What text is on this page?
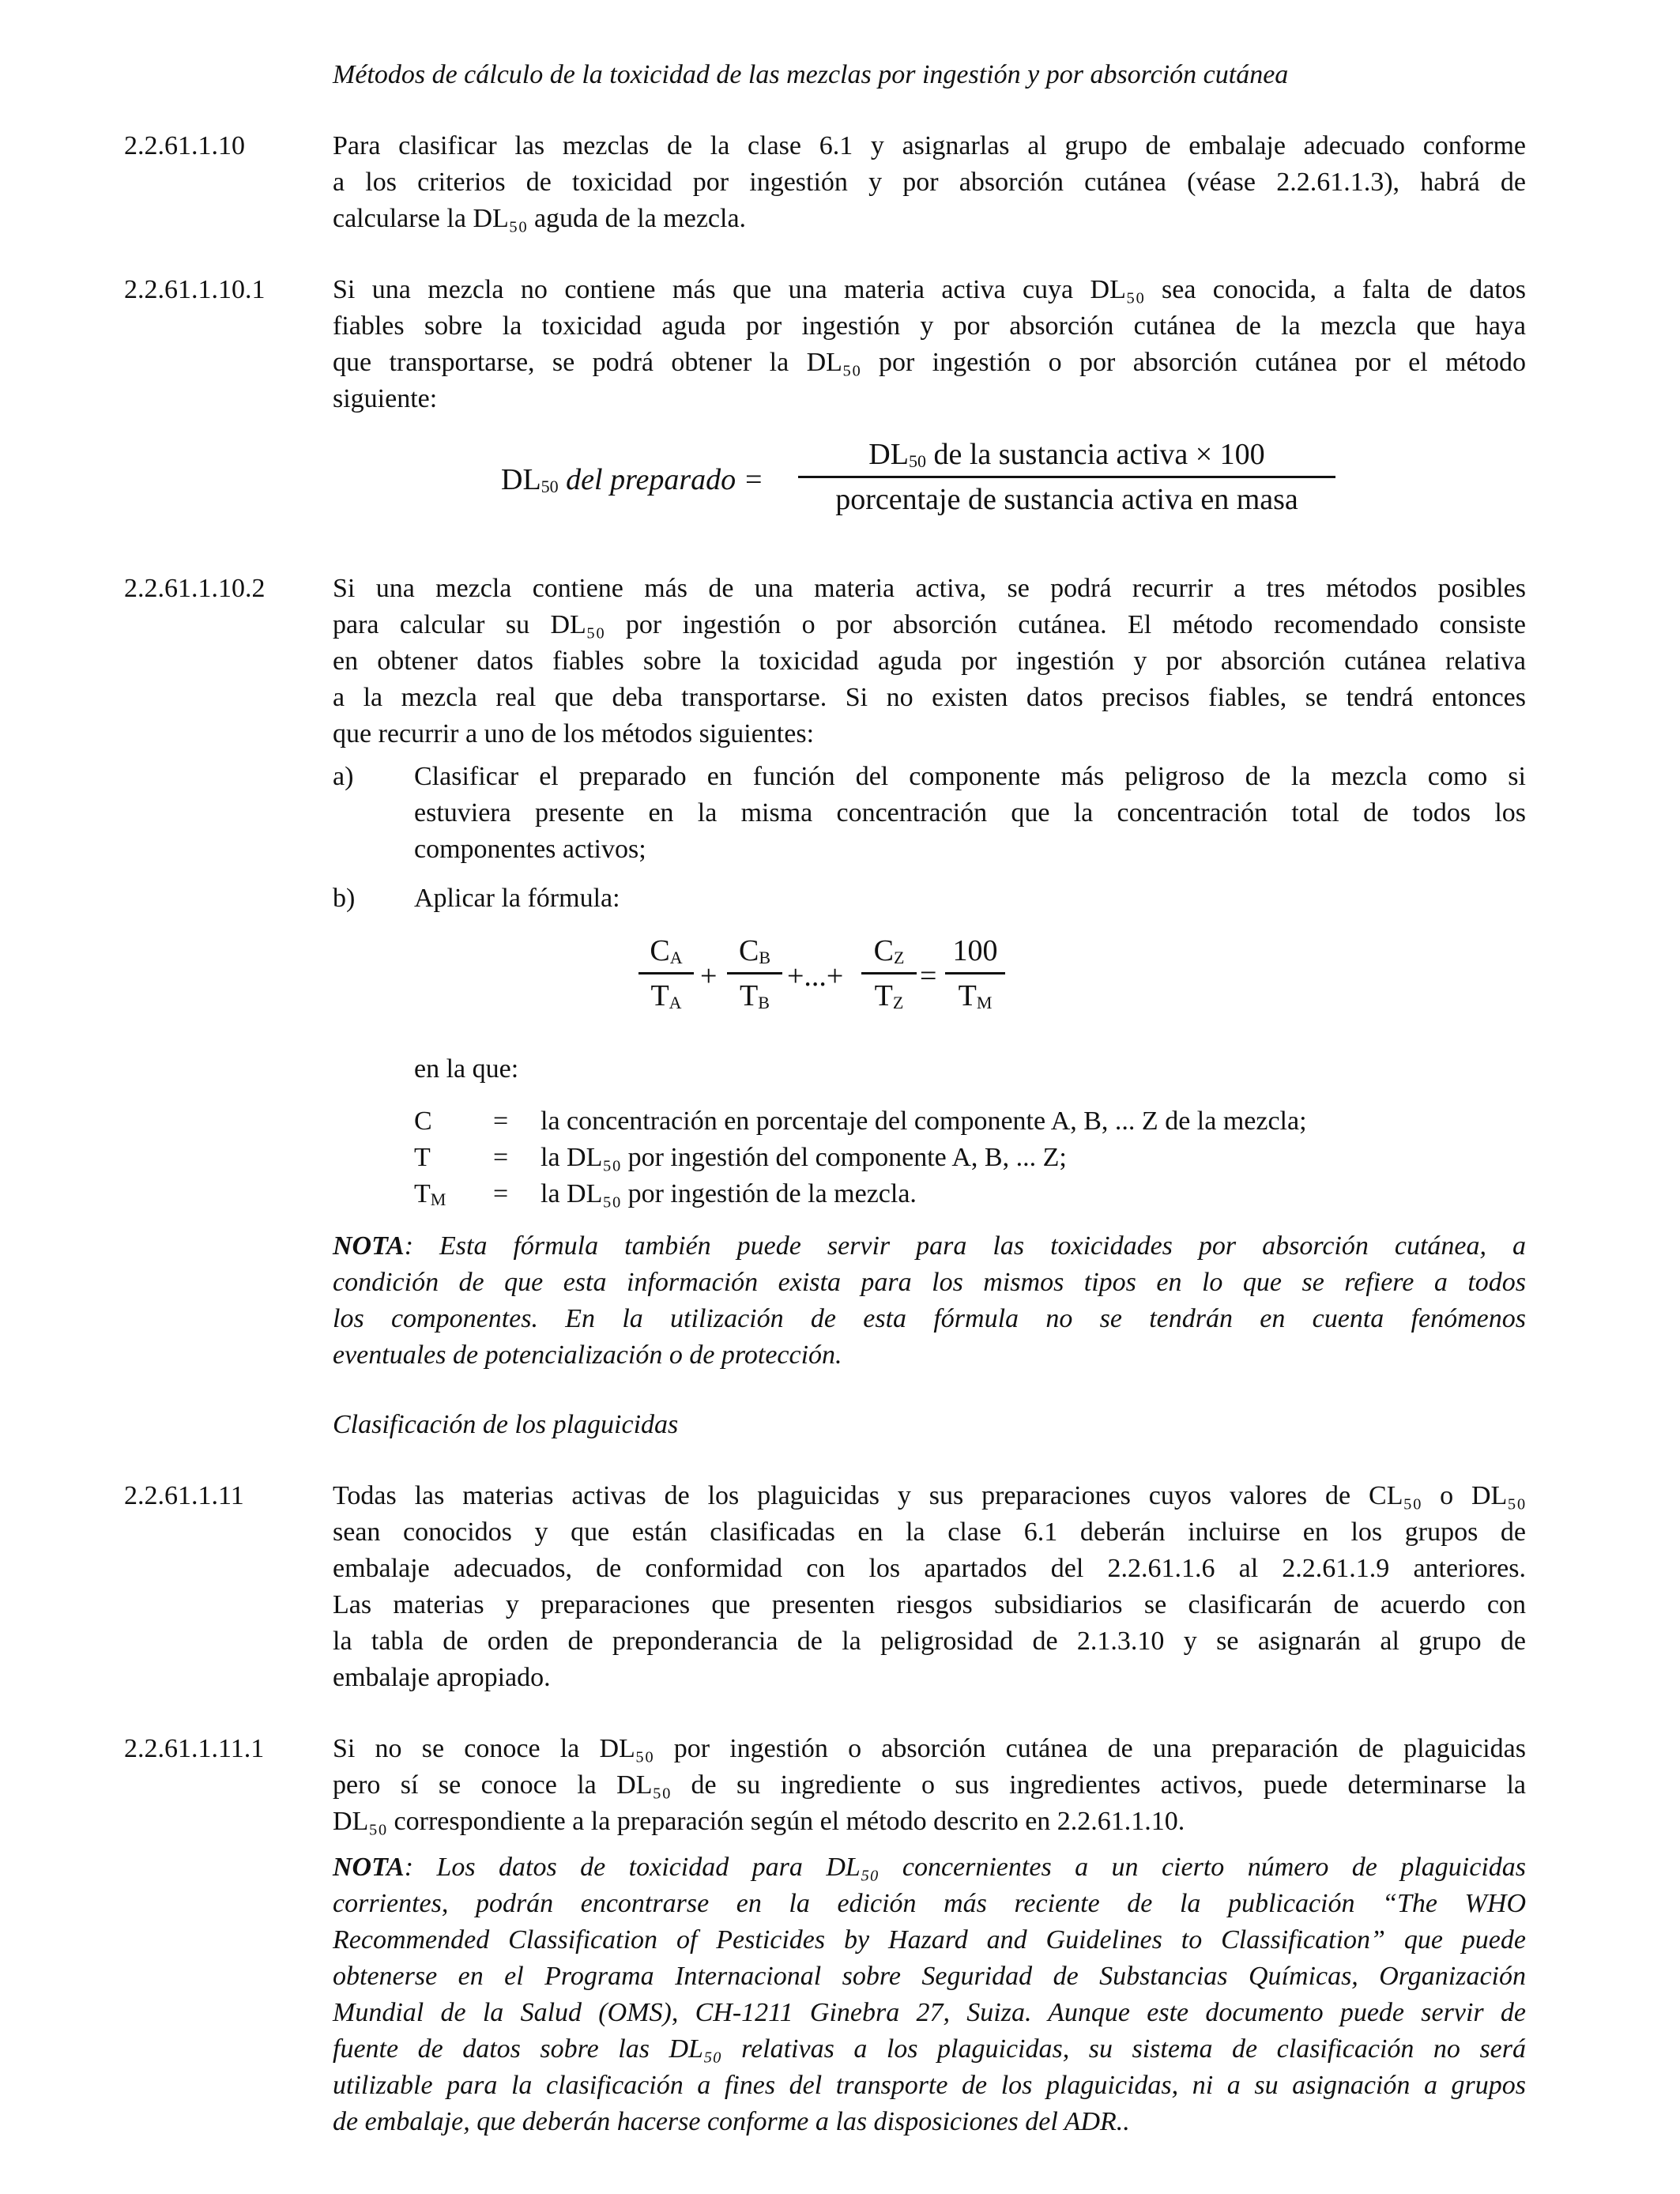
Métodos de cálculo de la toxicidad de las mezclas por ingestión y por absorción cutánea
2.2.61.1.10	Para clasificar las mezclas de la clase 6.1 y asignarlas al grupo de embalaje adecuado conforme
a los criterios de toxicidad por ingestión y por absorción cutánea (véase 2.2.61.1.3), habrá de
calcularse la DL₅₀ aguda de la mezcla.
2.2.61.1.10.1	Si una mezcla no contiene más que una materia activa cuya DL₅₀ sea conocida, a falta de datos
fiables sobre la toxicidad aguda por ingestión y por absorción cutánea de la mezcla que haya
que transportarse, se podrá obtener la DL₅₀ por ingestión o por absorción cutánea por el método
siguiente:
$DL_{50}$ del preparado =
$DL_{50}$ de la sustancia activa × 100
porcentaje de sustancia activa en masa
2.2.61.1.10.2	Si una mezcla contiene más de una materia activa, se podrá recurrir a tres métodos posibles
para calcular su DL₅₀ por ingestión o por absorción cutánea. El método recomendado consiste
en obtener datos fiables sobre la toxicidad aguda por ingestión y por absorción cutánea relativa
a la mezcla real que deba transportarse. Si no existen datos precisos fiables, se tendrá entonces
que recurrir a uno de los métodos siguientes:
a) Clasificar el preparado en función del componente más peligroso de la mezcla como si
estuviera presente en la misma concentración que la concentración total de todos los
componentes activos;
b) Aplicar la fórmula:
$C_A$
$T_A$
+
$C_B$
$T_B$
+...+
$C_Z$
$T_Z$
=
100
$T_M$
en la que:
C = la concentración en porcentaje del componente A, B, ... Z de la mezcla;
T = la DL₅₀ por ingestión del componente A, B, ... Z;
$T_M$ = la DL₅₀ por ingestión de la mezcla.
NOTA: Esta fórmula también puede servir para las toxicidades por absorción cutánea, a
condición de que esta información exista para los mismos tipos en lo que se refiere a todos
los componentes. En la utilización de esta fórmula no se tendrán en cuenta fenómenos
eventuales de potencialización o de protección.
Clasificación de los plaguicidas
2.2.61.1.11	Todas las materias activas de los plaguicidas y sus preparaciones cuyos valores de CL₅₀ o DL₅₀
sean conocidos y que están clasificadas en la clase 6.1 deberán incluirse en los grupos de
embalaje adecuados, de conformidad con los apartados del 2.2.61.1.6 al 2.2.61.1.9 anteriores.
Las materias y preparaciones que presenten riesgos subsidiarios se clasificarán de acuerdo con
la tabla de orden de preponderancia de la peligrosidad de 2.1.3.10 y se asignarán al grupo de
embalaje apropiado.
2.2.61.1.11.1	Si no se conoce la DL₅₀ por ingestión o absorción cutánea de una preparación de plaguicidas
pero sí se conoce la DL₅₀ de su ingrediente o sus ingredientes activos, puede determinarse la
DL₅₀ correspondiente a la preparación según el método descrito en 2.2.61.1.10.
NOTA: Los datos de toxicidad para DL₅₀ concernientes a un cierto número de plaguicidas
corrientes, podrán encontrarse en la edición más reciente de la publicación “The WHO
Recommended Classification of Pesticides by Hazard and Guidelines to Classification” que puede
obtenerse en el Programa Internacional sobre Seguridad de Substancias Químicas, Organización
Mundial de la Salud (OMS), CH-1211 Ginebra 27, Suiza. Aunque este documento puede servir de
fuente de datos sobre las DL₅₀ relativas a los plaguicidas, su sistema de clasificación no será
utilizable para la clasificación a fines del transporte de los plaguicidas, ni a su asignación a grupos
de embalaje, que deberán hacerse conforme a las disposiciones del ADR..
